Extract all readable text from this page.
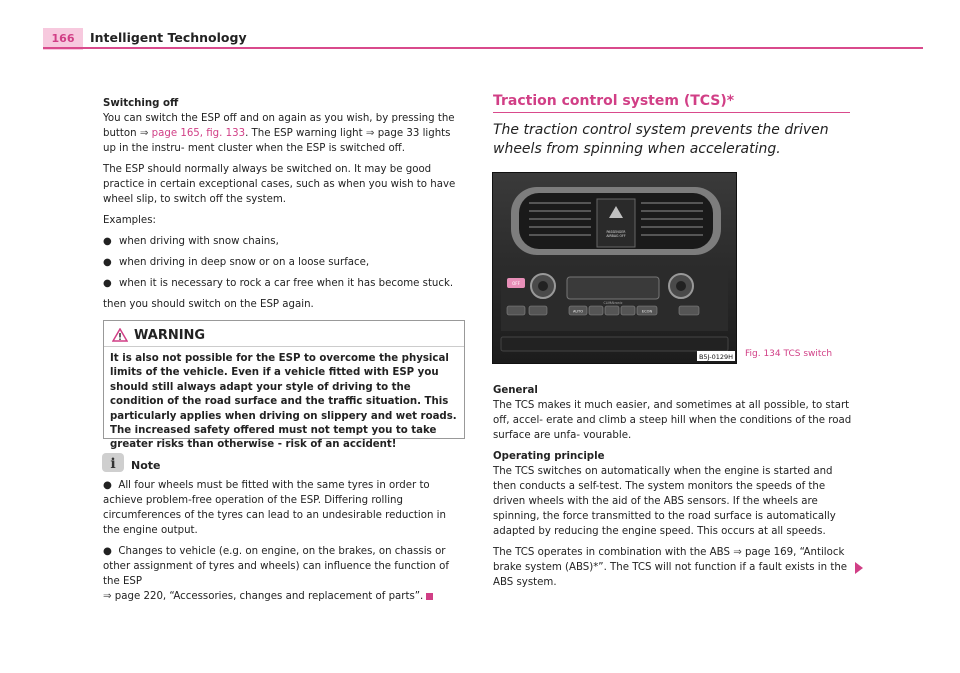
166	Intelligent Technology

Switching off

You can switch the ESP off and on again as you wish, by pressing the button ⇒ page 165, fig. 133. The ESP warning light ⇒ page 33 lights up in the instru- ment cluster when the ESP is switched off.

The ESP should normally always be switched on. It may be good practice in certain exceptional cases, such as when you wish to have wheel slip, to switch off the system.

Examples:

● when driving with snow chains,
● when driving in deep snow or on a loose surface,
● when it is necessary to rock a car free when it has become stuck.

then you should switch on the ESP again.

WARNING
It is also not possible for the ESP to overcome the physical limits of the vehicle. Even if a vehicle fitted with ESP you should still always adapt your style of driving to the condition of the road surface and the traffic situation. This particularly applies when driving on slippery and wet roads. The increased safety offered must not tempt you to take greater risks than otherwise - risk of an accident!
i Note
●  All four wheels must be fitted with the same tyres in order to achieve problem-free operation of the ESP. Differing rolling circumferences of the tyres can lead to an undesirable reduction in the engine output.
●  Changes to vehicle (e.g. on engine, on the brakes, on chassis or other assignment of tyres and wheels) can influence the function of the ESP
⇒ page 220, “Accessories, changes and replacement of parts”.
Traction control system (TCS)*
The traction control system prevents the driven wheels from spinning when accelerating.
PASSENGER
AIRBAG OFF
OFF
CLIMAtronic
AUTO	ECON
B5J-0129H Fig. 134 TCS switch

General

The TCS makes it much easier, and sometimes at all possible, to start off, accel- erate and climb a steep hill when the conditions of the road surface are unfa- vourable.

Operating principle

The TCS switches on automatically when the engine is started and then conducts a self-test. The system monitors the speeds of the driven wheels with the aid of the ABS sensors. If the wheels are spinning, the force transmitted to the road surface is automatically adapted by reducing the engine speed. This occurs at all speeds.

The TCS operates in combination with the ABS ⇒ page 169, “Antilock brake system (ABS)*”. The TCS will not function if a fault exists in the ABS system.
